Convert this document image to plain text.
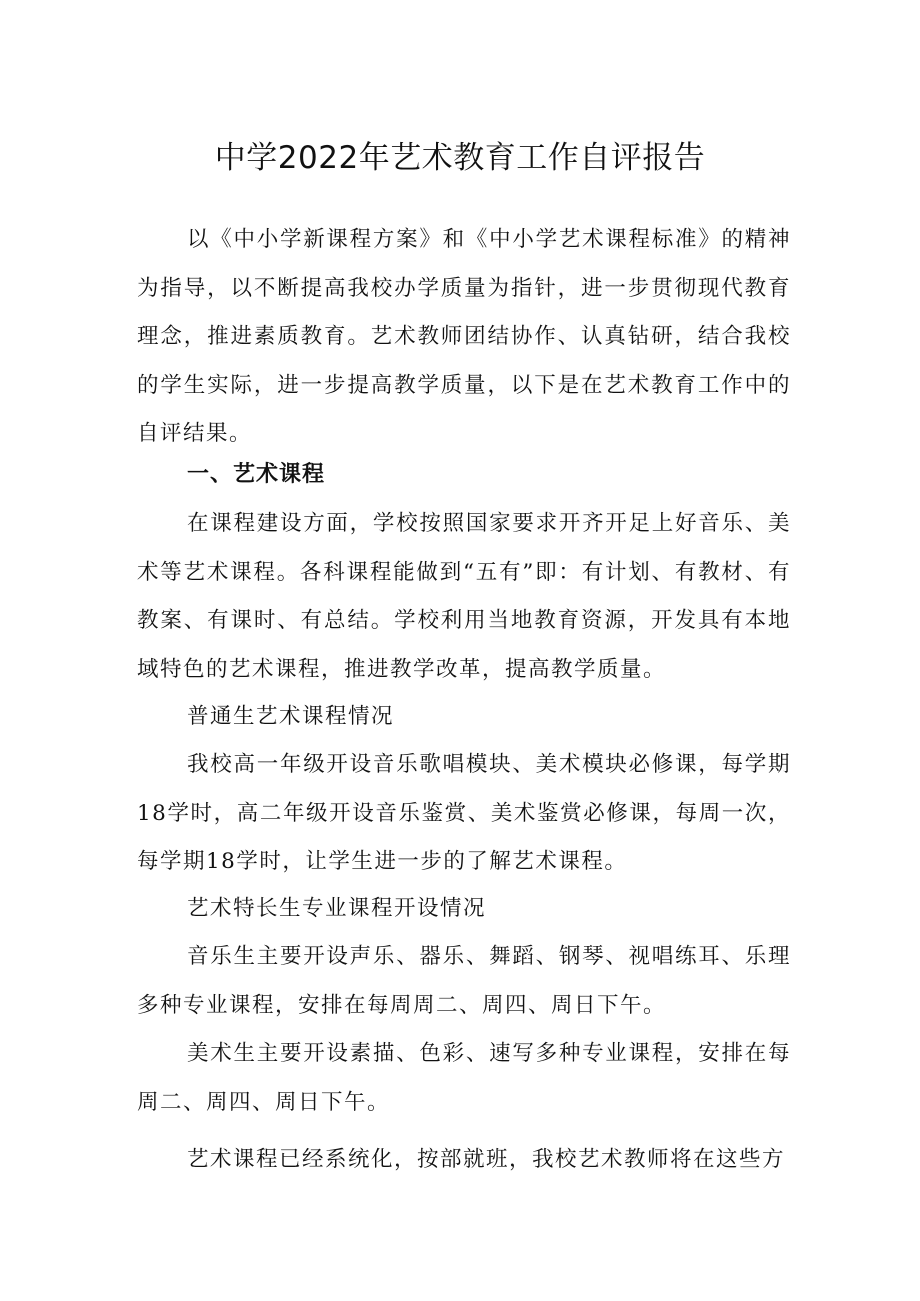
中学2022年艺术教育工作自评报告

以《中小学新课程方案》和《中小学艺术课程标准》的精神为指导，以不断提高我校办学质量为指针，进一步贯彻现代教育理念，推进素质教育。艺术教师团结协作、认真钻研，结合我校的学生实际，进一步提高教学质量，以下是在艺术教育工作中的自评结果。

一、艺术课程

在课程建设方面，学校按照国家要求开齐开足上好音乐、美术等艺术课程。各科课程能做到“五有”即：有计划、有教材、有教案、有课时、有总结。学校利用当地教育资源，开发具有本地域特色的艺术课程，推进教学改革，提高教学质量。

普通生艺术课程情况

我校高一年级开设音乐歌唱模块、美术模块必修课，每学期18学时，高二年级开设音乐鉴赏、美术鉴赏必修课，每周一次，每学期18学时，让学生进一步的了解艺术课程。

艺术特长生专业课程开设情况

音乐生主要开设声乐、器乐、舞蹈、钢琴、视唱练耳、乐理多种专业课程，安排在每周周二、周四、周日下午。

美术生主要开设素描、色彩、速写多种专业课程，安排在每周二、周四、周日下午。

艺术课程已经系统化，按部就班，我校艺术教师将在这些方
